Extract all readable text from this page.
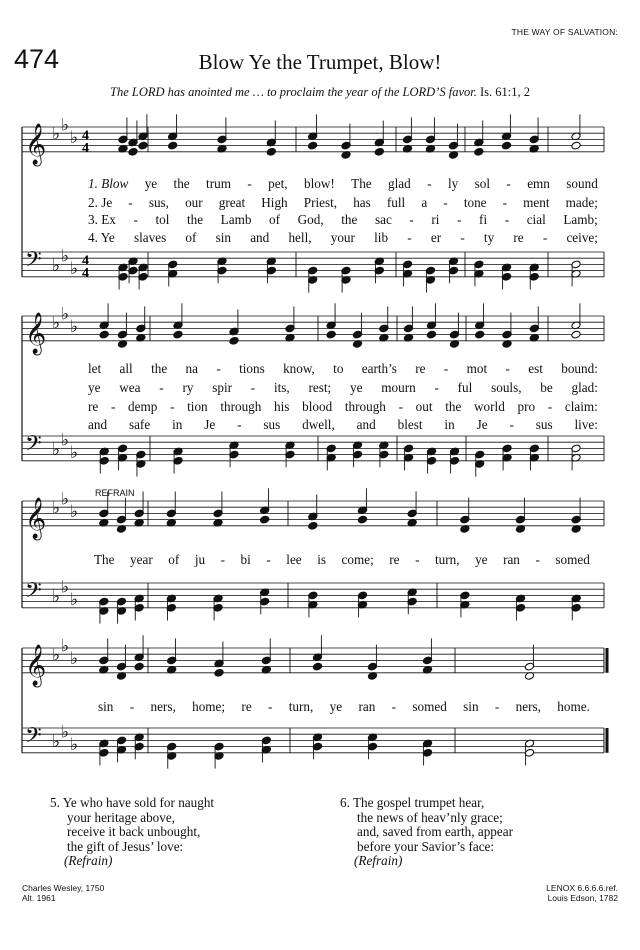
THE WAY OF SALVATION:
474	Blow Ye the Trumpet, Blow!
The LORD has anointed me … to proclaim the year of the LORD’S favor. Is. 61:1, 2
𝄞 ♭ ♭
♭ 4
4
𝄢 ♭ ♭
♭ 4
4
𝄞 ♭ ♭
♭
𝄢 ♭ ♭
♭
𝄞 ♭ ♭
♭
𝄢 ♭ ♭
♭
𝄞 ♭ ♭
♭
𝄢 ♭ ♭
♭
1. Blow ye the trum - pet, blow! The glad - ly sol - emn sound
2. Je - sus, our great High Priest, has full a - tone - ment made;
3. Ex - tol the Lamb of God, the sac - ri - fi - cial Lamb;
4. Ye slaves of sin and hell, your lib - er - ty re - ceive;
let all the na - tions know, to earth’s re - mot - est bound:
ye wea - ry spir - its, rest; ye mourn - ful souls, be glad:
re - demp - tion through his blood through - out the world pro - claim:
and safe in Je - sus dwell, and blest in Je - sus live:
The year of ju - bi - lee is come; re - turn, ye ran - somed
sin - ners, home; re - turn, ye ran - somed sin - ners, home.
REFRAIN
5. Ye who have sold for naught
your heritage above,
receive it back unbought,
the gift of Jesus’ love:
(Refrain)
6. The gospel trumpet hear,
the news of heav’nly grace;
and, saved from earth, appear
before your Savior’s face:
(Refrain)
Charles Wesley, 1750
Alt. 1961
LENOX 6.6.6.6.ref.
Louis Edson, 1782
